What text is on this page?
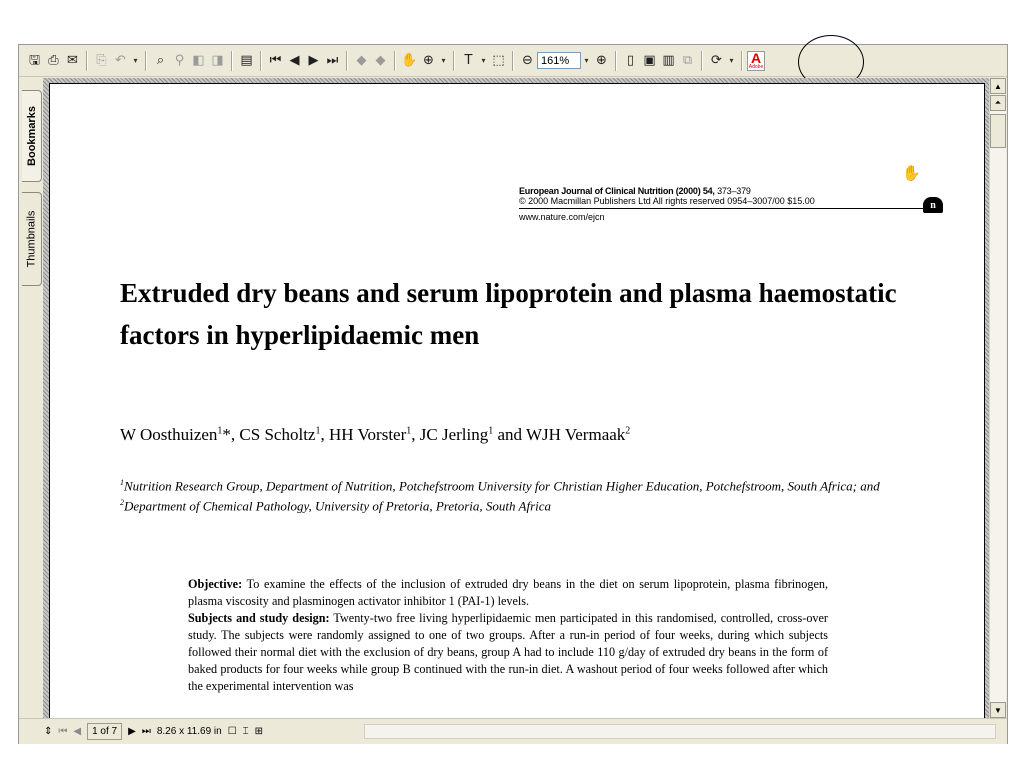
🖫 ⎙ ✉ ⎘ ↶ ▾	⌕ ⚲ ◧ ◨ ▤ ⏮ ◀ ▶ ⏭ ◆ ◆ ✋ ⊕ ▾	T	▾ ⬚ ⊖ 161%	▾ ⊕	▯ ▣ ▥ ⧉ ⟳ ▾ A
Adobe
Bookmarks
Thumbnails
✋
European Journal of Clinical Nutrition (2000) 54, 373–379
© 2000 Macmillan Publishers Ltd All rights reserved 0954–3007/00 $15.00
www.nature.com/ejcn
n
Extruded dry beans and serum lipoprotein and plasma haemostatic factors in hyperlipidaemic men
W Oosthuizen$^1$*, CS Scholtz$^1$, HH Vorster$^1$, JC Jerling$^1$ and WJH Vermaak$^2$
$^1$Nutrition Research Group, Department of Nutrition, Potchefstroom University for Christian Higher Education, Potchefstroom, South Africa; and $^2$Department of Chemical Pathology, University of Pretoria, Pretoria, South Africa

Objective: To examine the effects of the inclusion of extruded dry beans in the diet on serum lipoprotein, plasma fibrinogen, plasma viscosity and plasminogen activator inhibitor 1 (PAI-1) levels.

Subjects and study design: Twenty-two free living hyperlipidaemic men participated in this randomised, controlled, cross-over study. The subjects were randomly assigned to one of two groups. After a run-in period of four weeks, during which subjects followed their normal diet with the exclusion of dry beans, group A had to include 110 g/day of extruded dry beans in the form of baked products for four weeks while group B continued with the run-in diet. A washout period of four weeks followed after which the experimental intervention was

▲
⏶
▼
⇕ ⏮ ◀	1 of 7	▶ ⏭ 8.26 x 11.69 in ☐ ⌶ ⊞
